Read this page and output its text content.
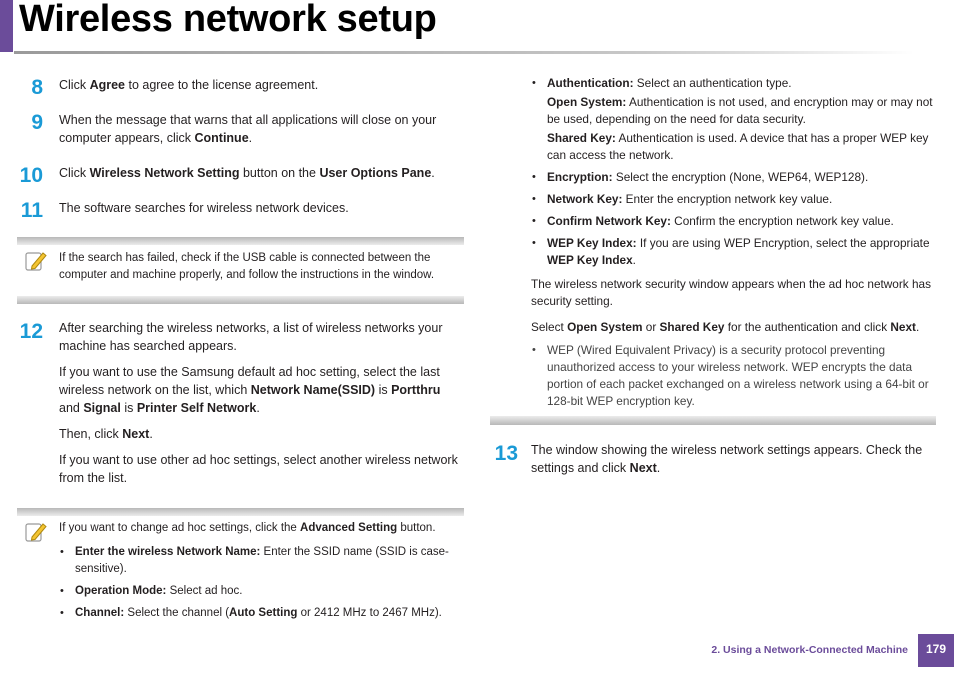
Wireless network setup
8 Click Agree to agree to the license agreement.

9 When the message that warns that all applications will close on your computer appears, click Continue.

10 Click Wireless Network Setting button on the User Options Pane.

11 The software searches for wireless network devices.

If the search has failed, check if the USB cable is connected between the computer and machine properly, and follow the instructions in the window.

12 After searching the wireless networks, a list of wireless networks your machine has searched appears.

If you want to use the Samsung default ad hoc setting, select the last wireless network on the list, which Network Name(SSID) is Portthru and Signal is Printer Self Network.

Then, click Next.

If you want to use other ad hoc settings, select another wireless network from the list.

If you want to change ad hoc settings, click the Advanced Setting button.

• Enter the wireless Network Name: Enter the SSID name (SSID is case-sensitive).
• Operation Mode: Select ad hoc.
• Channel: Select the channel (Auto Setting or 2412 MHz to 2467 MHz).
• Authentication: Select an authentication type.

Open System: Authentication is not used, and encryption may or may not be used, depending on the need for data security.

Shared Key: Authentication is used. A device that has a proper WEP key can access the network.

• Encryption: Select the encryption (None, WEP64, WEP128).
• Network Key: Enter the encryption network key value.
• Confirm Network Key: Confirm the encryption network key value.
• WEP Key Index: If you are using WEP Encryption, select the appropriate WEP Key Index.

The wireless network security window appears when the ad hoc network has security setting.

Select Open System or Shared Key for the authentication and click Next.

• WEP (Wired Equivalent Privacy) is a security protocol preventing unauthorized access to your wireless network. WEP encrypts the data portion of each packet exchanged on a wireless network using a 64-bit or 128-bit WEP encryption key.
13 The window showing the wireless network settings appears. Check the settings and click Next.

2. Using a Network-Connected Machine	179
